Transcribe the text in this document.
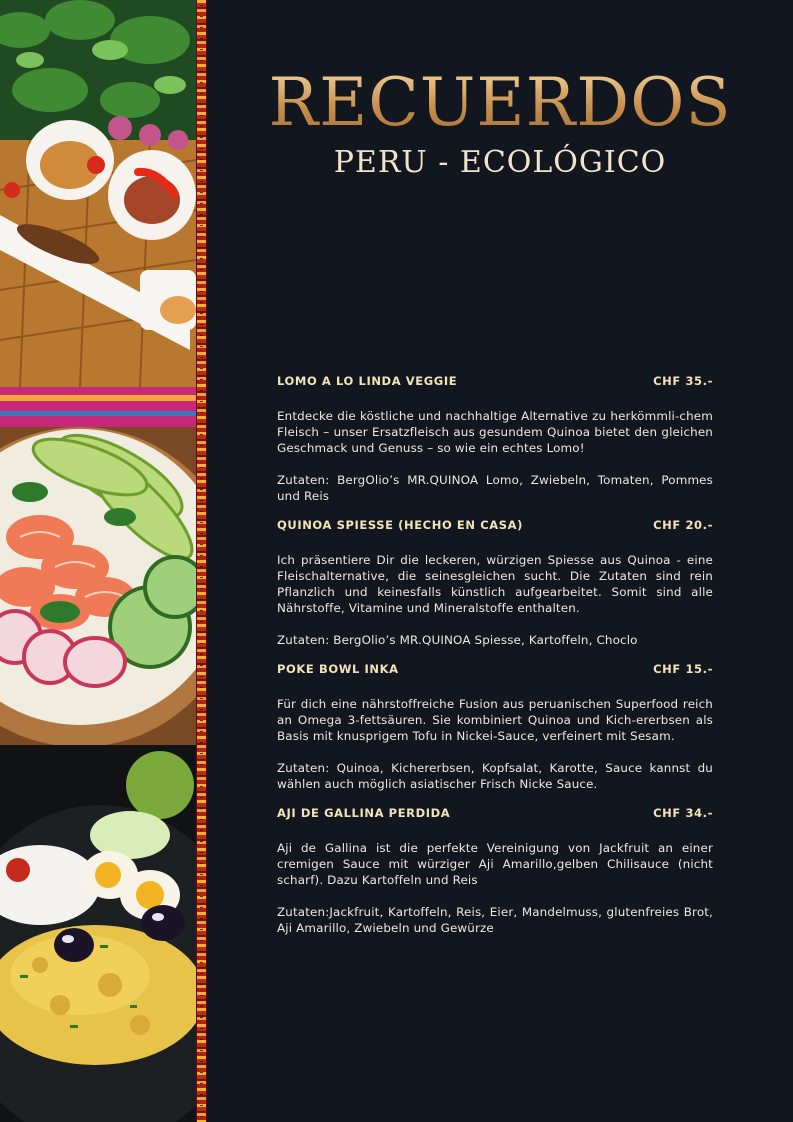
RECUERDOS
PERU - ECOLÓGICO
LOMO A LO LINDA VEGGIE	CHF 35.-

Entdecke die köstliche und nachhaltige Alternative zu herkömmli-chem Fleisch – unser Ersatzfleisch aus gesundem Quinoa bietet den gleichen Geschmack und Genuss – so wie ein echtes Lomo!

Zutaten: BergOlio’s MR.QUINOA Lomo, Zwiebeln, Tomaten, Pommes und Reis

QUINOA SPIESSE (HECHO EN CASA)	CHF 20.-

Ich präsentiere Dir die leckeren, würzigen Spiesse aus Quinoa - eine Fleischalternative, die seinesgleichen sucht. Die Zutaten sind rein Pflanzlich und keinesfalls künstlich aufgearbeitet. Somit sind alle Nährstoffe, Vitamine und Mineralstoffe enthalten.

Zutaten: BergOlio’s MR.QUINOA Spiesse, Kartoffeln, Choclo

POKE BOWL INKA	CHF 15.-

Für dich eine nährstoffreiche Fusion aus peruanischen Superfood reich an Omega 3-fettsäuren. Sie kombiniert Quinoa und Kich-ererbsen als Basis mit knusprigem Tofu in Nickei-Sauce, verfeinert mit Sesam.

Zutaten: Quinoa, Kichererbsen, Kopfsalat, Karotte, Sauce kannst du wählen auch möglich asiatischer Frisch Nicke Sauce.

AJI DE GALLINA PERDIDA	CHF 34.-

Aji de Gallina ist die perfekte Vereinigung von Jackfruit an einer cremigen Sauce mit würziger Aji Amarillo,gelben Chilisauce (nicht scharf). Dazu Kartoffeln und Reis

Zutaten:Jackfruit, Kartoffeln, Reis, Eier, Mandelmuss, glutenfreies Brot, Aji Amarillo, Zwiebeln und Gewürze
